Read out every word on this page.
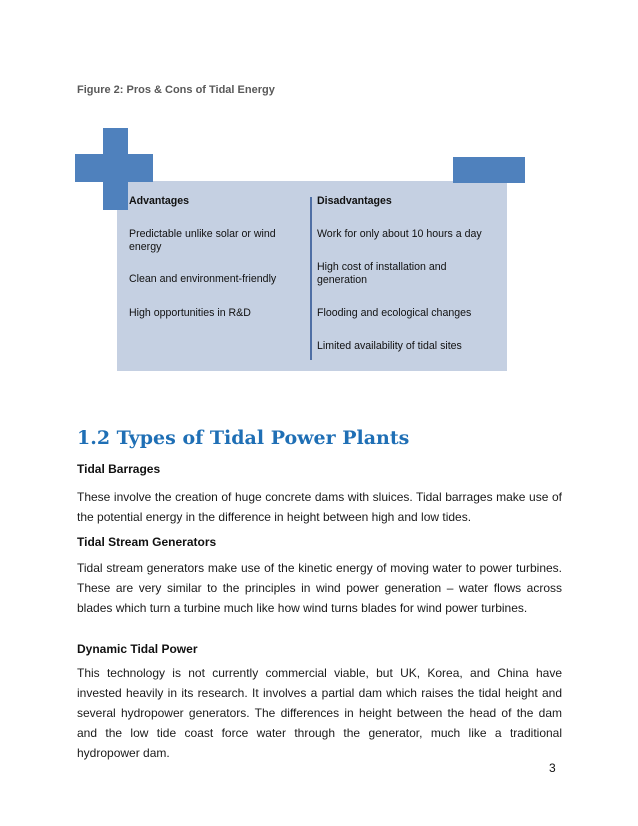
Figure 2: Pros & Cons of Tidal Energy
Advantages
Predictable unlike solar or wind energy
Clean and environment-friendly
High opportunities in R&D
Disadvantages
Work for only about 10 hours a day
High cost of installation and generation
Flooding and ecological changes
Limited availability of tidal sites
1.2 Types of Tidal Power Plants
Tidal Barrages

These involve the creation of huge concrete dams with sluices. Tidal barrages make use of the potential energy in the difference in height between high and low tides.

Tidal Stream Generators

Tidal stream generators make use of the kinetic energy of moving water to power turbines. These are very similar to the principles in wind power generation – water flows across blades which turn a turbine much like how wind turns blades for wind power turbines.

Dynamic Tidal Power

This technology is not currently commercial viable, but UK, Korea, and China have invested heavily in its research. It involves a partial dam which raises the tidal height and several hydropower generators. The differences in height between the head of the dam and the low tide coast force water through the generator, much like a traditional hydropower dam.

3
